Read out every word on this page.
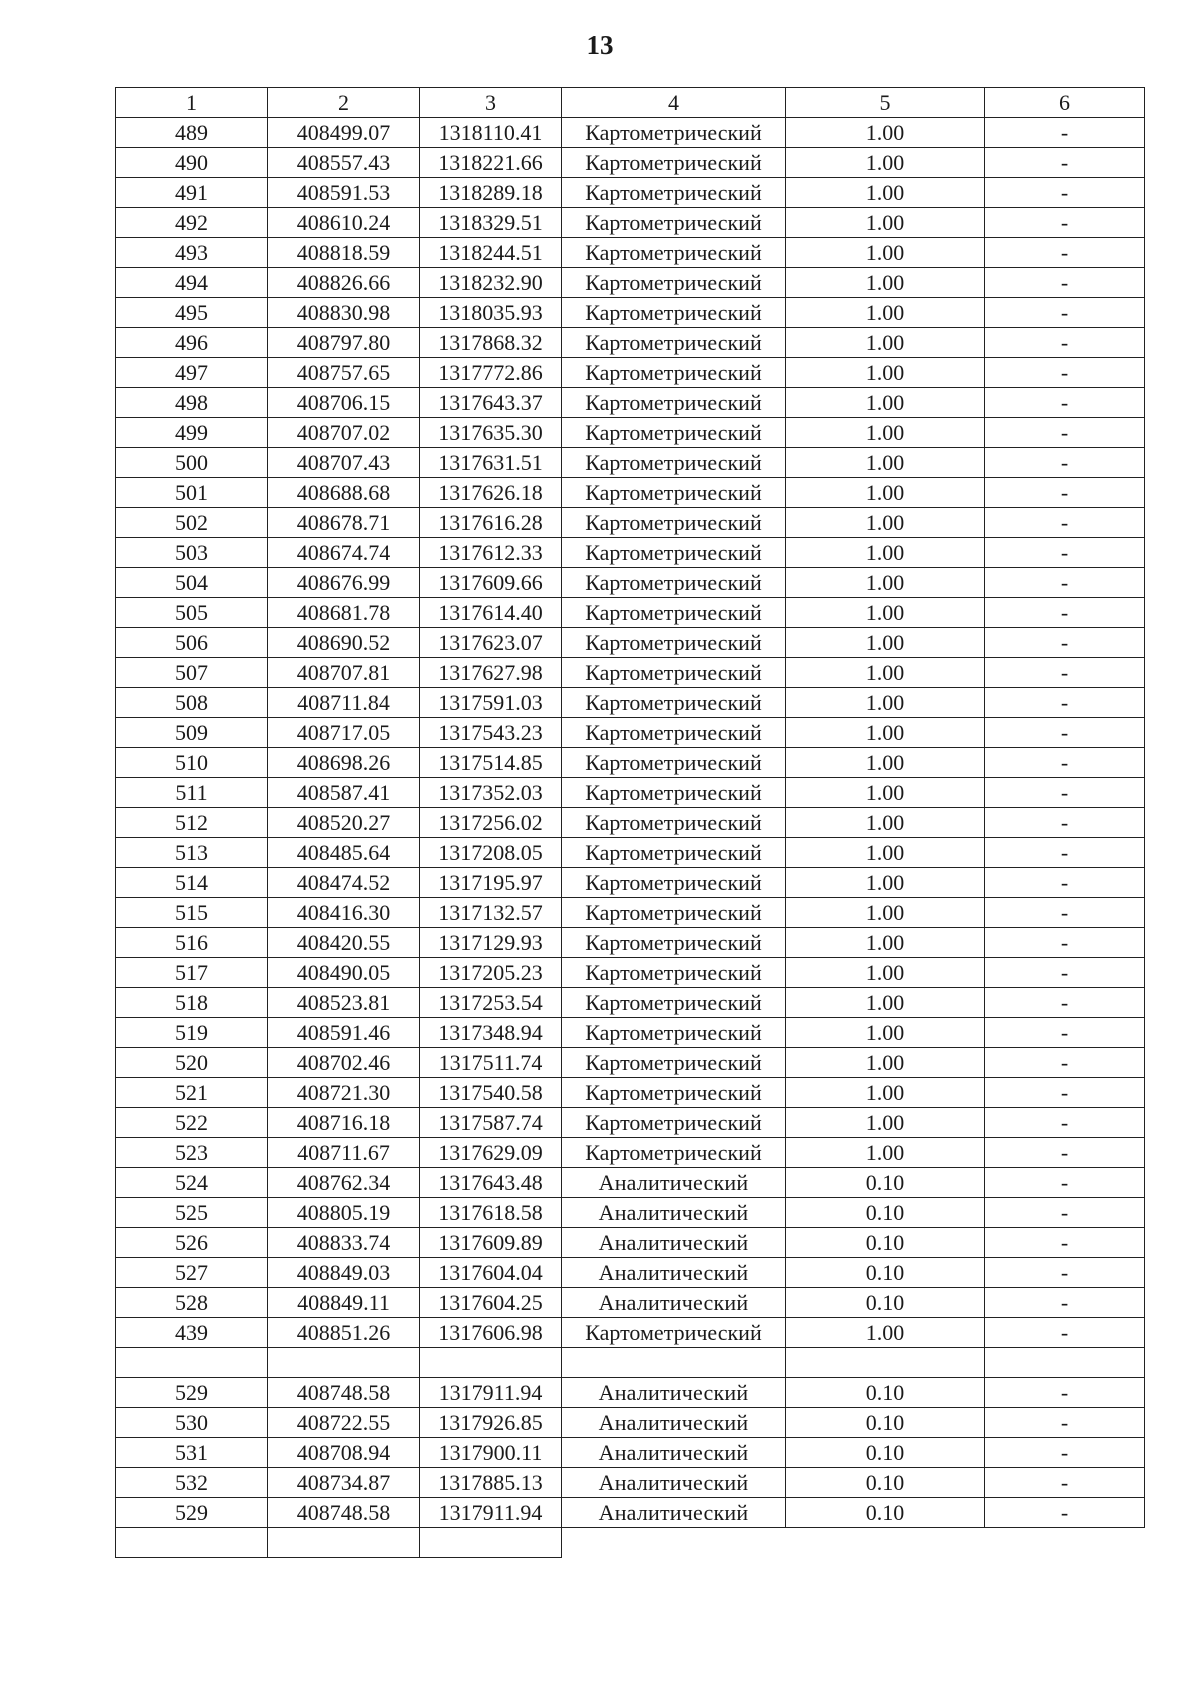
13
1	2	3	4	5	6
489	408499.07	1318110.41	Картометрический	1.00	-
490	408557.43	1318221.66	Картометрический	1.00	-
491	408591.53	1318289.18	Картометрический	1.00	-
492	408610.24	1318329.51	Картометрический	1.00	-
493	408818.59	1318244.51	Картометрический	1.00	-
494	408826.66	1318232.90	Картометрический	1.00	-
495	408830.98	1318035.93	Картометрический	1.00	-
496	408797.80	1317868.32	Картометрический	1.00	-
497	408757.65	1317772.86	Картометрический	1.00	-
498	408706.15	1317643.37	Картометрический	1.00	-
499	408707.02	1317635.30	Картометрический	1.00	-
500	408707.43	1317631.51	Картометрический	1.00	-
501	408688.68	1317626.18	Картометрический	1.00	-
502	408678.71	1317616.28	Картометрический	1.00	-
503	408674.74	1317612.33	Картометрический	1.00	-
504	408676.99	1317609.66	Картометрический	1.00	-
505	408681.78	1317614.40	Картометрический	1.00	-
506	408690.52	1317623.07	Картометрический	1.00	-
507	408707.81	1317627.98	Картометрический	1.00	-
508	408711.84	1317591.03	Картометрический	1.00	-
509	408717.05	1317543.23	Картометрический	1.00	-
510	408698.26	1317514.85	Картометрический	1.00	-
511	408587.41	1317352.03	Картометрический	1.00	-
512	408520.27	1317256.02	Картометрический	1.00	-
513	408485.64	1317208.05	Картометрический	1.00	-
514	408474.52	1317195.97	Картометрический	1.00	-
515	408416.30	1317132.57	Картометрический	1.00	-
516	408420.55	1317129.93	Картометрический	1.00	-
517	408490.05	1317205.23	Картометрический	1.00	-
518	408523.81	1317253.54	Картометрический	1.00	-
519	408591.46	1317348.94	Картометрический	1.00	-
520	408702.46	1317511.74	Картометрический	1.00	-
521	408721.30	1317540.58	Картометрический	1.00	-
522	408716.18	1317587.74	Картометрический	1.00	-
523	408711.67	1317629.09	Картометрический	1.00	-
524	408762.34	1317643.48	Аналитический	0.10	-
525	408805.19	1317618.58	Аналитический	0.10	-
526	408833.74	1317609.89	Аналитический	0.10	-
527	408849.03	1317604.04	Аналитический	0.10	-
528	408849.11	1317604.25	Аналитический	0.10	-
439	408851.26	1317606.98	Картометрический	1.00	-

529	408748.58	1317911.94	Аналитический	0.10	-
530	408722.55	1317926.85	Аналитический	0.10	-
531	408708.94	1317900.11	Аналитический	0.10	-
532	408734.87	1317885.13	Аналитический	0.10	-
529	408748.58	1317911.94	Аналитический	0.10	-
